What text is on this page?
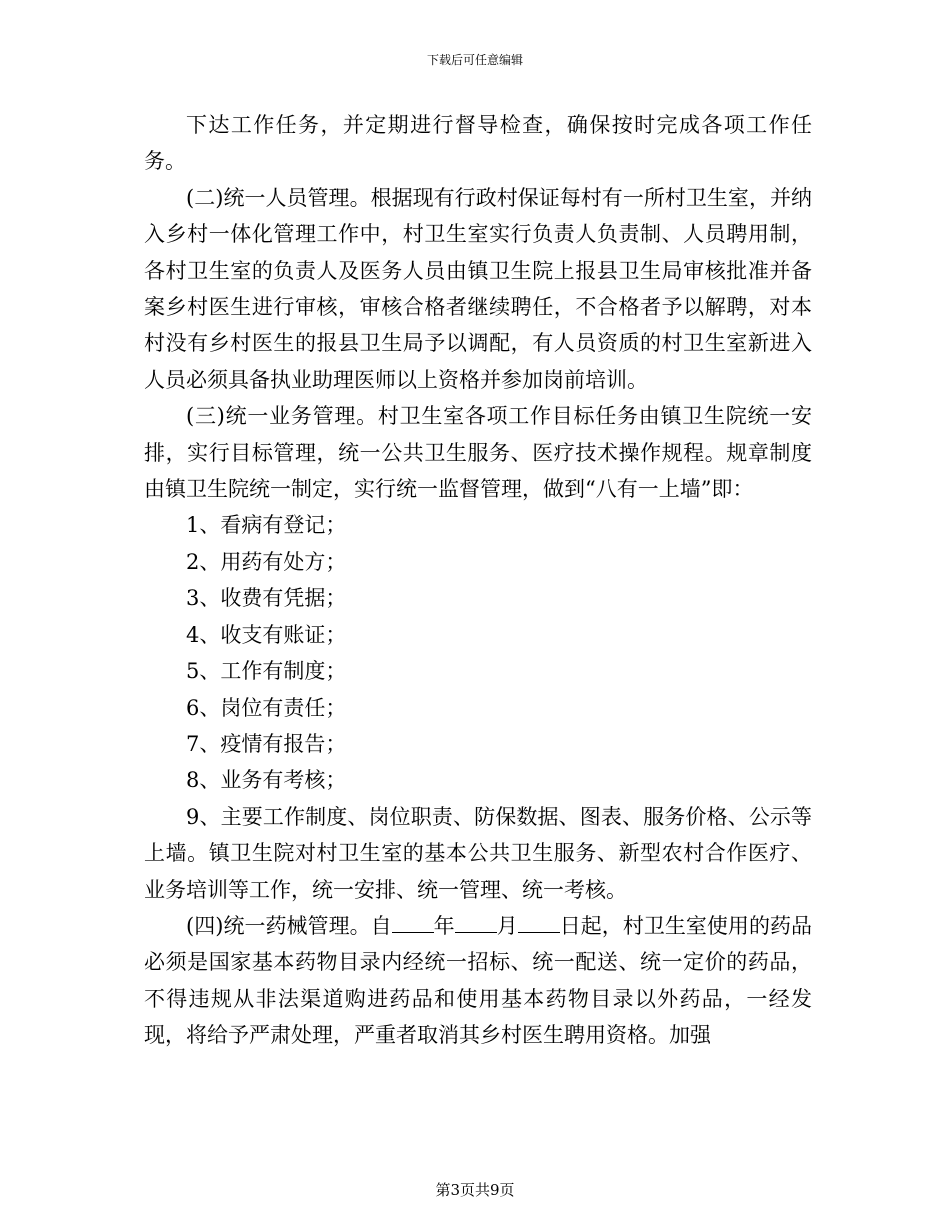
下载后可任意编辑

下达工作任务，并定期进行督导检查，确保按时完成各项工作任务。

(二)统一人员管理。根据现有行政村保证每村有一所村卫生室，并纳入乡村一体化管理工作中，村卫生室实行负责人负责制、人员聘用制，各村卫生室的负责人及医务人员由镇卫生院上报县卫生局审核批准并备案乡村医生进行审核，审核合格者继续聘任，不合格者予以解聘，对本村没有乡村医生的报县卫生局予以调配，有人员资质的村卫生室新进入人员必须具备执业助理医师以上资格并参加岗前培训。

(三)统一业务管理。村卫生室各项工作目标任务由镇卫生院统一安排，实行目标管理，统一公共卫生服务、医疗技术操作规程。规章制度由镇卫生院统一制定，实行统一监督管理，做到“八有一上墙”即：

1、看病有登记；

2、用药有处方；

3、收费有凭据；

4、收支有账证；

5、工作有制度；

6、岗位有责任；

7、疫情有报告；

8、业务有考核；

9、主要工作制度、岗位职责、防保数据、图表、服务价格、公示等上墙。镇卫生院对村卫生室的基本公共卫生服务、新型农村合作医疗、业务培训等工作，统一安排、统一管理、统一考核。

(四)统一药械管理。自 年 月 日起，村卫生室使用的药品必须是国家基本药物目录内经统一招标、统一配送、统一定价的药品，不得违规从非法渠道购进药品和使用基本药物目录以外药品，一经发现，将给予严肃处理，严重者取消其乡村医生聘用资格。加强

第3页共9页
